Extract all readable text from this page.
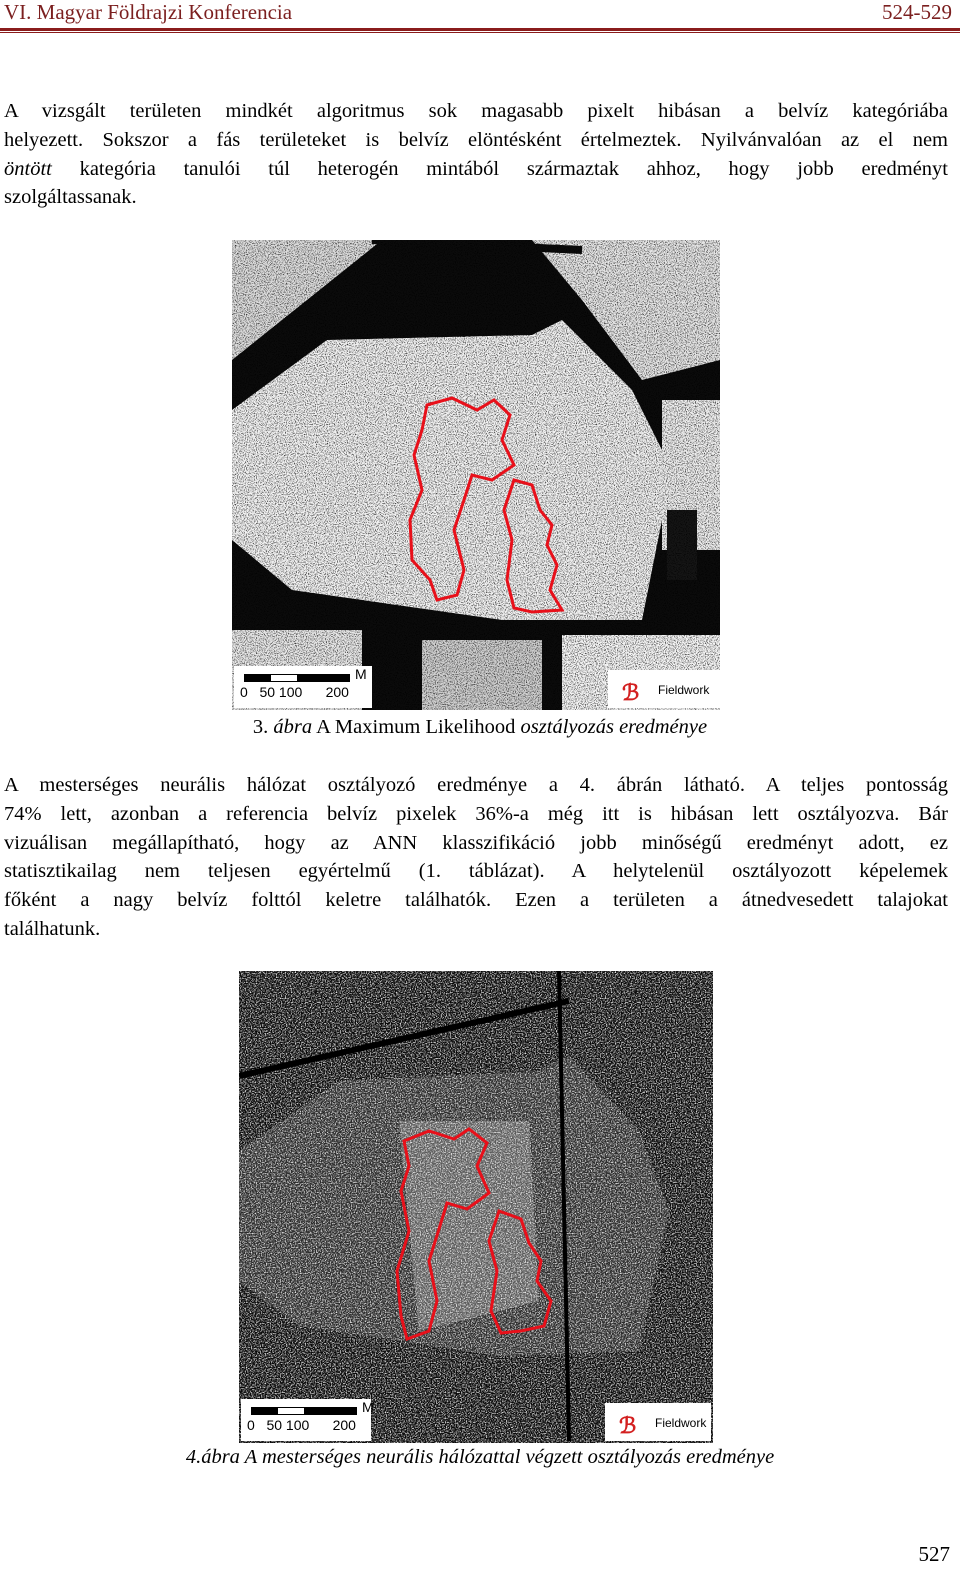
VI. Magyar Földrajzi Konferencia	524-529
A vizsgált területen mindkét algoritmus sok magasabb pixelt hibásan a belvíz kategóriába
helyezett. Sokszor a fás területeket is belvíz elöntésként értelmeztek. Nyilvánvalóan az el nem
öntött kategória tanulói túl heterogén mintából származtak ahhoz, hogy jobb eredményt
szolgáltassanak.
M
0   50 100      200	ℬ Fieldwork
3. ábra A Maximum Likelihood osztályozás eredménye
A mesterséges neurális hálózat osztályozó eredménye a 4. ábrán látható. A teljes pontosság
74% lett, azonban a referencia belvíz pixelek 36%-a még itt is hibásan lett osztályozva. Bár
vizuálisan megállapítható, hogy az ANN klasszifikáció jobb minőségű eredményt adott, ez
statisztikailag nem teljesen egyértelmű (1. táblázat). A helytelenül osztályozott képelemek
főként a nagy belvíz folttól keletre találhatók. Ezen a területen a átnedvesedett talajokat
találhatunk.
M
0   50 100      200	ℬ Fieldwork
4.ábra A mesterséges neurális hálózattal végzett osztályozás eredménye
527
